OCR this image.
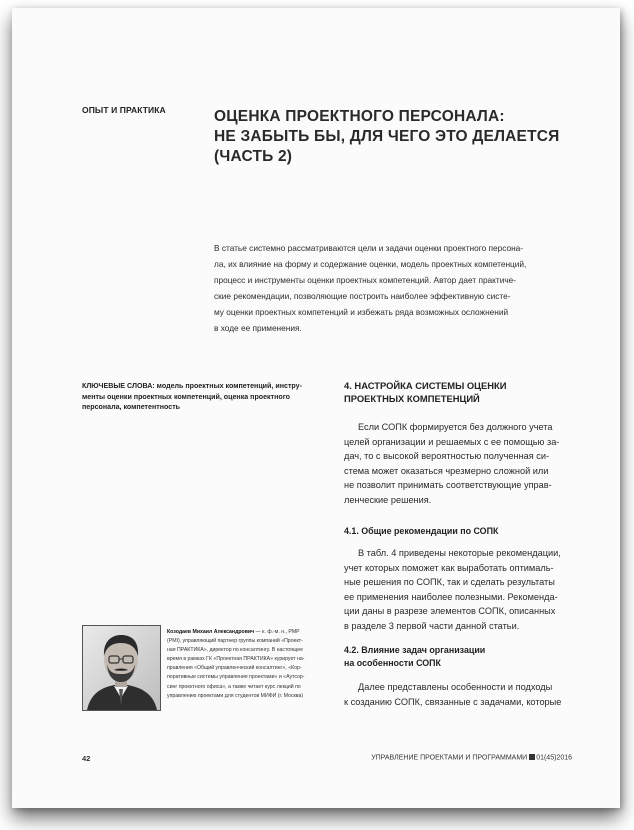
ОПЫТ И ПРАКТИКА	ОЦЕНКА ПРОЕКТНОГО ПЕРСОНАЛА:
НЕ ЗАБЫТЬ БЫ, ДЛЯ ЧЕГО ЭТО ДЕЛАЕТСЯ
(ЧАСТЬ 2)
В статье системно рассматриваются цели и задачи оценки проектного персона-
ла, их влияние на форму и содержание оценки, модель проектных компетенций,
процесс и инструменты оценки проектных компетенций. Автор дает практиче-
ские рекомендации, позволяющие построить наиболее эффективную систе-
му оценки проектных компетенций и избежать ряда возможных осложнений
в ходе ее применения.
КЛЮЧЕВЫЕ СЛОВА: модель проектных компетенций, инстру-
менты оценки проектных компетенций, оценка проектного
персонала, компетентность
4. НАСТРОЙКА СИСТЕМЫ ОЦЕНКИ
ПРОЕКТНЫХ КОМПЕТЕНЦИЙ

Если СОПК формируется без должного учета
целей организации и решаемых с ее помощью за-
дач, то с высокой вероятностью полученная си-
стема может оказаться чрезмерно сложной или
не позволит принимать соответствующие управ-
ленческие решения.

4.1. Общие рекомендации по СОПК

В табл. 4 приведены некоторые рекомендации,
учет которых поможет как выработать оптималь-
ные решения по СОПК, так и сделать результаты
ее применения наиболее полезными. Рекоменда-
ции даны в разрезе элементов СОПК, описанных
в разделе 3 первой части данной статьи.

4.2. Влияние задач организации
на особенности СОПК

Далее представлены особенности и подходы
к созданию СОПК, связанные с задачами, которые

Козодаев Михаил Александрович — к. ф.-м. н., PMP
(PMI), управляющий партнер группы компаний «Проект-
ная ПРАКТИКА», директор по консалтингу. В настоящее
время в рамках ГК «Проектная ПРАКТИКА» курирует на-
правления «Общий управленческий консалтинг», «Кор-
поративные системы управления проектами» и «Аутсор-
синг проектного офиса», а также читает курс лекций по
управлению проектами для студентов МИФИ (г. Москва)
42	УПРАВЛЕНИЕ ПРОЕКТАМИ И ПРОГРАММАМИ 01(45)2016
